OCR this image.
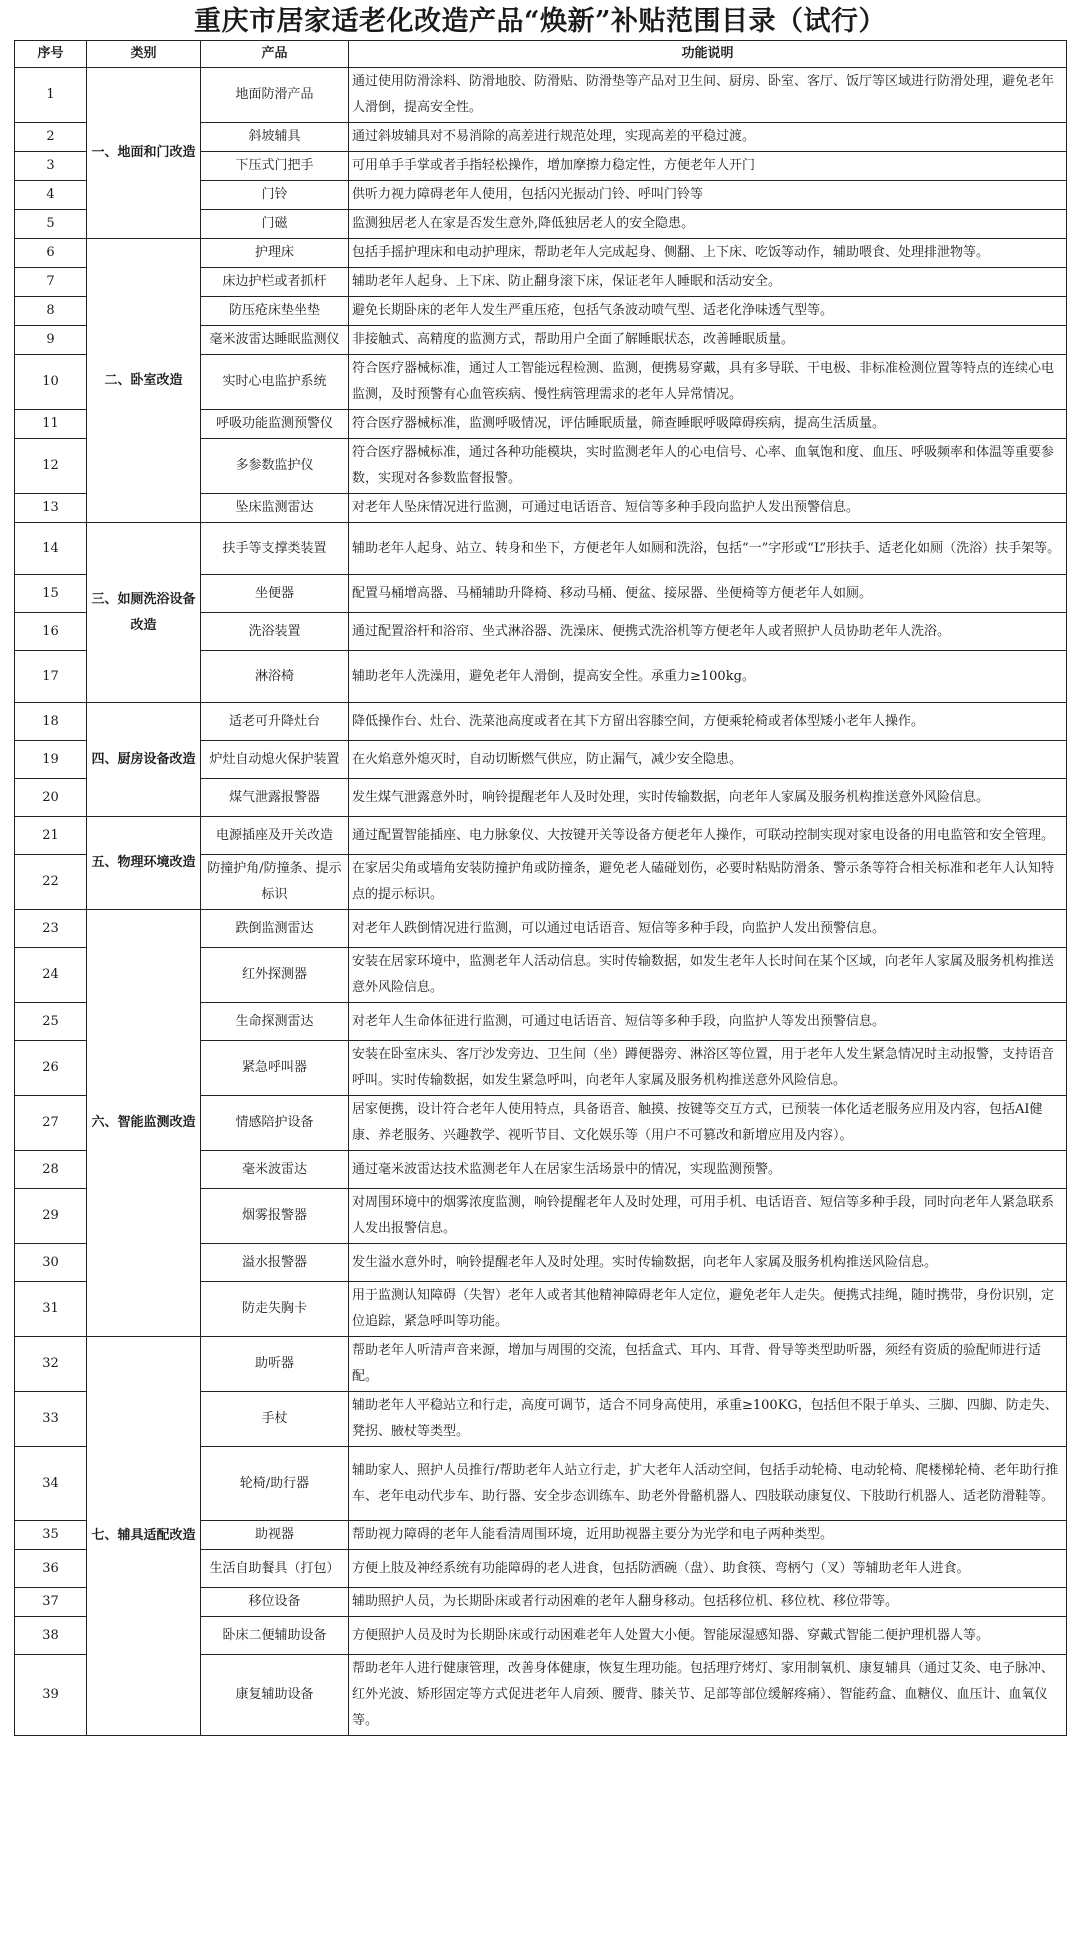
重庆市居家适老化改造产品“焕新”补贴范围目录（试行）
序号	类别	产品	功能说明
1	一、地面和门改造	地面防滑产品	通过使用防滑涂料、防滑地胶、防滑贴、防滑垫等产品对卫生间、厨房、卧室、客厅、饭厅等区域进行防滑处理，避免老年人滑倒，提高安全性。
2		斜坡辅具	通过斜坡辅具对不易消除的高差进行规范处理，实现高差的平稳过渡。
3		下压式门把手	可用单手手掌或者手指轻松操作，增加摩擦力稳定性，方便老年人开门
4		门铃	供听力视力障碍老年人使用，包括闪光振动门铃、呼叫门铃等
5		门磁	监测独居老人在家是否发生意外,降低独居老人的安全隐患。
6	二、卧室改造	护理床	包括手摇护理床和电动护理床，帮助老年人完成起身、侧翻、上下床、吃饭等动作，辅助喂食、处理排泄物等。
7		床边护栏或者抓杆	辅助老年人起身、上下床、防止翻身滚下床，保证老年人睡眠和活动安全。
8		防压疮床垫坐垫	避免长期卧床的老年人发生严重压疮，包括气条波动喷气型、适老化浄味透气型等。
9		毫米波雷达睡眠监测仪	非接触式、高精度的监测方式，帮助用户全面了解睡眠状态，改善睡眠质量。
10		实时心电监护系统	符合医疗器械标准，通过人工智能远程检测、监测，便携易穿戴，具有多导联、干电极、非标准检测位置等特点的连续心电监测，及时预警有心血管疾病、慢性病管理需求的老年人异常情况。
11		呼吸功能监测预警仪	符合医疗器械标准，监测呼吸情况，评估睡眠质量，筛查睡眠呼吸障碍疾病，提高生活质量。
12		多参数监护仪	符合医疗器械标准，通过各种功能模块，实时监测老年人的心电信号、心率、血氧饱和度、血压、呼吸频率和体温等重要参数，实现对各参数监督报警。
13		坠床监测雷达	对老年人坠床情况进行监测，可通过电话语音、短信等多种手段向监护人发出预警信息。
14	三、如厕洗浴设备改造	扶手等支撑类装置	辅助老年人起身、站立、转身和坐下，方便老年人如厕和洗浴，包括“一”字形或“L”形扶手、适老化如厕（洗浴）扶手架等。
15		坐便器	配置马桶增高器、马桶辅助升降椅、移动马桶、便盆、接尿器、坐便椅等方便老年人如厕。
16		洗浴装置	通过配置浴杆和浴帘、坐式淋浴器、洗澡床、便携式洗浴机等方便老年人或者照护人员协助老年人洗浴。
17		淋浴椅	辅助老年人洗澡用，避免老年人滑倒，提高安全性。承重力≥100kg。
18	四、厨房设备改造	适老可升降灶台	降低操作台、灶台、洗菜池高度或者在其下方留出容膝空间，方便乘轮椅或者体型矮小老年人操作。
19		炉灶自动熄火保护装置	在火焰意外熄灭时，自动切断燃气供应，防止漏气，减少安全隐患。
20		煤气泄露报警器	发生煤气泄露意外时，响铃提醒老年人及时处理，实时传输数据，向老年人家属及服务机构推送意外风险信息。
21	五、物理环境改造	电源插座及开关改造	通过配置智能插座、电力脉象仪、大按键开关等设备方便老年人操作，可联动控制实现对家电设备的用电监管和安全管理。
22		防撞护角/防撞条、提示标识	在家居尖角或墙角安装防撞护角或防撞条，避免老人磕碰划伤，必要时粘贴防滑条、警示条等符合相关标准和老年人认知特点的提示标识。
23	六、智能监测改造	跌倒监测雷达	对老年人跌倒情况进行监测，可以通过电话语音、短信等多种手段，向监护人发出预警信息。
24		红外探测器	安装在居家环境中，监测老年人活动信息。实时传输数据，如发生老年人长时间在某个区域，向老年人家属及服务机构推送意外风险信息。
25		生命探测雷达	对老年人生命体征进行监测，可通过电话语音、短信等多种手段，向监护人等发出预警信息。
26		紧急呼叫器	安装在卧室床头、客厅沙发旁边、卫生间（坐）蹲便器旁、淋浴区等位置，用于老年人发生紧急情况时主动报警，支持语音呼叫。实时传输数据，如发生紧急呼叫，向老年人家属及服务机构推送意外风险信息。
27		情感陪护设备	居家便携，设计符合老年人使用特点，具备语音、触摸、按键等交互方式，已预装一体化适老服务应用及内容，包括AI健康、养老服务、兴趣教学、视听节目、文化娱乐等（用户不可篡改和新增应用及内容）。
28		毫米波雷达	通过毫米波雷达技术监测老年人在居家生活场景中的情况，实现监测预警。
29		烟雾报警器	对周围环境中的烟雾浓度监测，响铃提醒老年人及时处理，可用手机、电话语音、短信等多种手段，同时向老年人紧急联系人发出报警信息。
30		溢水报警器	发生溢水意外时，响铃提醒老年人及时处理。实时传输数据，向老年人家属及服务机构推送风险信息。
31		防走失胸卡	用于监测认知障碍（失智）老年人或者其他精神障碍老年人定位，避免老年人走失。便携式挂绳，随时携带，身份识别，定位追踪，紧急呼叫等功能。
32	七、辅具适配改造	助听器	帮助老年人听清声音来源，增加与周围的交流，包括盒式、耳内、耳背、骨导等类型助听器，须经有资质的验配师进行适配。
33		手杖	辅助老年人平稳站立和行走，高度可调节，适合不同身高使用，承重≥100KG，包括但不限于单头、三脚、四脚、防走失、凳拐、腋杖等类型。
34		轮椅/助行器	辅助家人、照护人员推行/帮助老年人站立行走，扩大老年人活动空间，包括手动轮椅、电动轮椅、爬楼梯轮椅、老年助行推车、老年电动代步车、助行器、安全步态训练车、助老外骨骼机器人、四肢联动康复仪、下肢助行机器人、适老防滑鞋等。
35		助视器	帮助视力障碍的老年人能看清周围环境，近用助视器主要分为光学和电子两种类型。
36		生活自助餐具（打包）	方便上肢及神经系统有功能障碍的老人进食，包括防洒碗（盘）、助食筷、弯柄勺（叉）等辅助老年人进食。
37		移位设备	辅助照护人员，为长期卧床或者行动困难的老年人翻身移动。包括移位机、移位枕、移位带等。
38		卧床二便辅助设备	方便照护人员及时为长期卧床或行动困难老年人处置大小便。智能尿湿感知器、穿戴式智能二便护理机器人等。
39		康复辅助设备	帮助老年人进行健康管理，改善身体健康，恢复生理功能。包括理疗烤灯、家用制氧机、康复辅具（通过艾灸、电子脉冲、红外光波、矫形固定等方式促进老年人肩颈、腰背、膝关节、足部等部位缓解疼痛）、智能药盒、血糖仪、血压计、血氧仪等。
